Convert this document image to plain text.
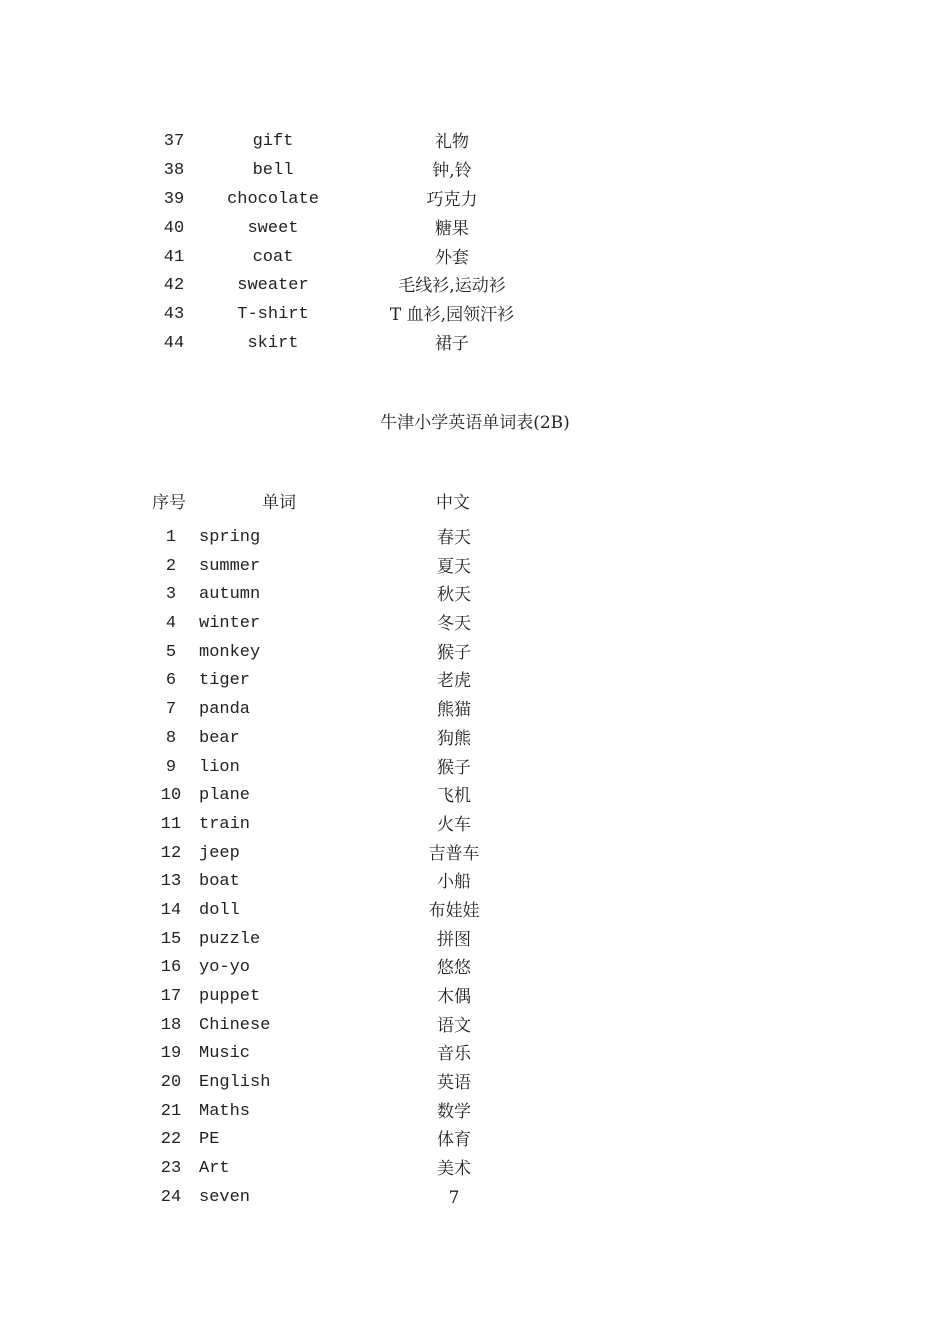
37	gift	礼物
38	bell	钟,铃
39	chocolate	巧克力
40	sweet	糖果
41	coat	外套
42	sweater	毛线衫,运动衫
43	T-shirt	T 血衫,园领汗衫
44	skirt	裙子
牛津小学英语单词表(2B)
序号	单词	中文
1	spring	春天
2	summer	夏天
3	autumn	秋天
4	winter	冬天
5	monkey	猴子
6	tiger	老虎
7	panda	熊猫
8	bear	狗熊
9	lion	猴子
10	plane	飞机
11	train	火车
12	jeep	吉普车
13	boat	小船
14	doll	布娃娃
15	puzzle	拼图
16	yo-yo	悠悠
17	puppet	木偶
18	Chinese	语文
19	Music	音乐
20	English	英语
21	Maths	数学
22	PE	体育
23	Art	美术
24	seven	7
